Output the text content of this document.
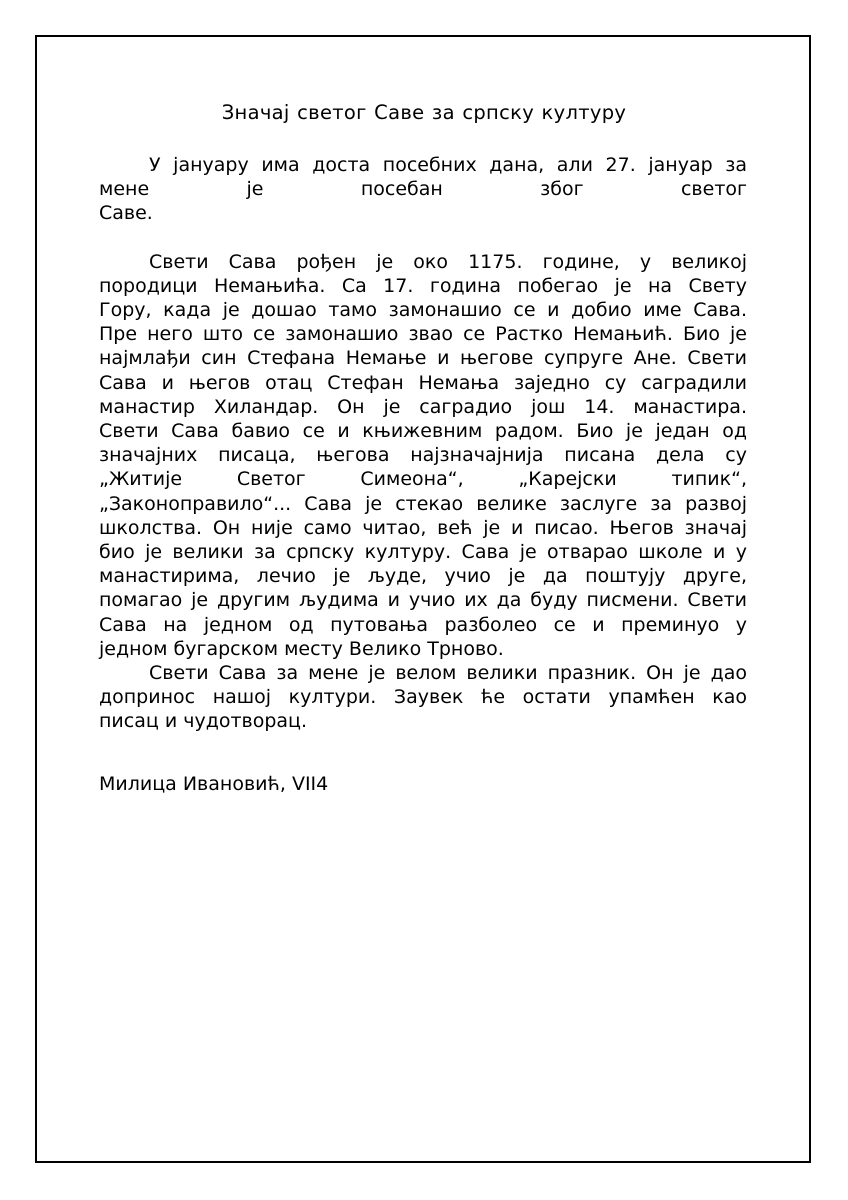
Значај светог Саве за српску културу

У јануару има доста посебних дана, али 27. јануар за
мене је посебан због светог
Саве.

Свети Сава рођен је око 1175. године, у великој
породици Немањића. Са 17. година побегао је на Свету
Гору, када је дошао тамо замонашио се и добио име Сава.
Пре него што се замонашио звао се Растко Немањић. Био је
најмлађи син Стефана Немање и његове супруге Ане. Свети
Сава и његов отац Стефан Немања заједно су саградили
манастир Хиландар. Он је саградио још 14. манастира.
Свети Сава бавио се и књижевним радом. Био је један од
значајних писаца, његова најзначајнија писана дела су
„Житије Светог Симеона“, „Карејски типик“,
„Законоправило“... Сава је стекао велике заслуге за развој
школства. Он није само читао, већ је и писао. Његов значај
био је велики за српску културу. Сава је отварао школе и у
манастирима, лечио је људе, учио је да поштују друге,
помагао је другим људима и учио их да буду писмени. Свети
Сава на једном од путовања разболео се и преминуо у
једном бугарском месту Велико Трново.

Свети Сава за мене је велом велики празник. Он је дао
допринос нашој култури. Заувек ће остати упамћен као
писац и чудотворац.

Милица Ивановић, VII4
